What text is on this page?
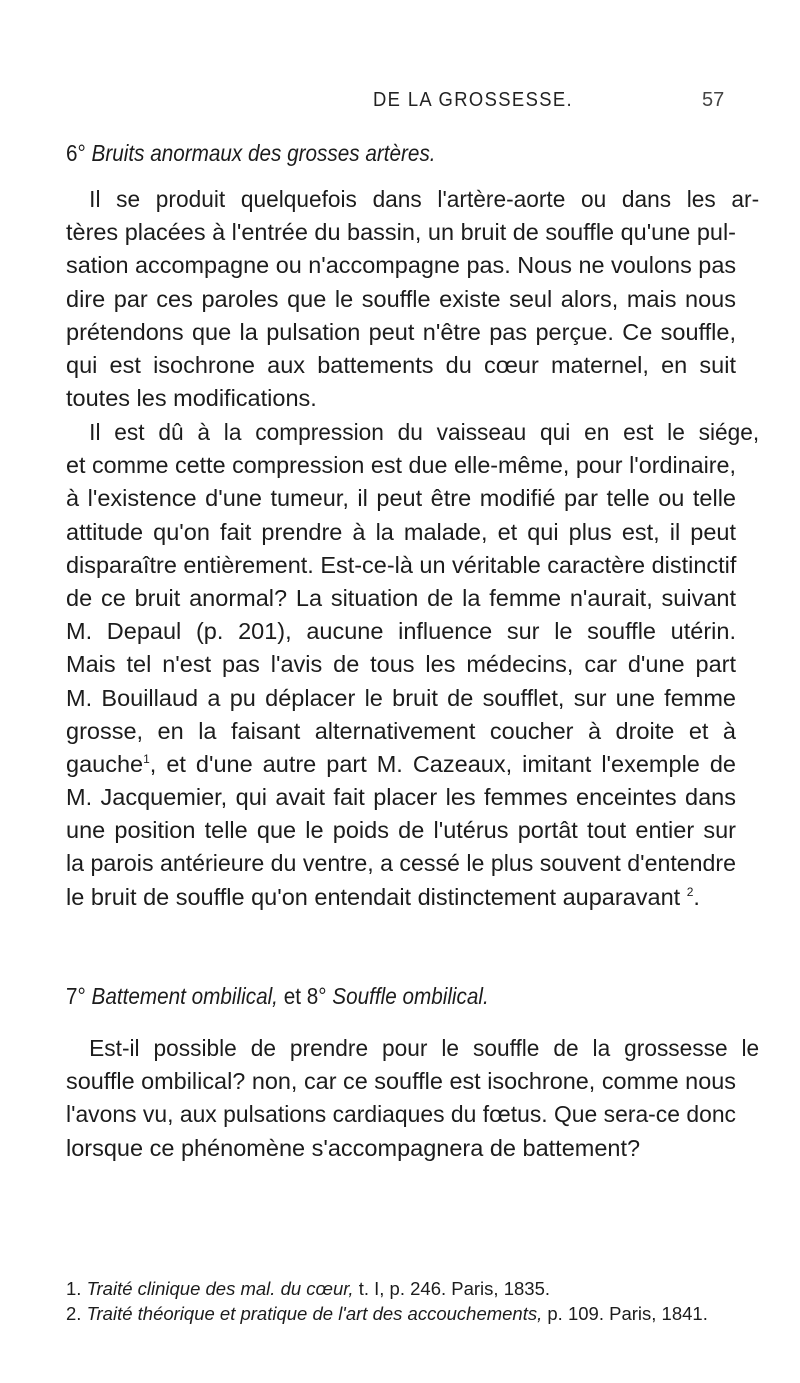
DE LA GROSSESSE.	57
6° Bruits anormaux des grosses artères.
Il se produit quelquefois dans l'artère-aorte ou dans les ar-
tères placées à l'entrée du bassin, un bruit de souffle qu'une pul-
sation accompagne ou n'accompagne pas. Nous ne voulons pas
dire par ces paroles que le souffle existe seul alors, mais nous
prétendons que la pulsation peut n'être pas perçue. Ce souffle,
qui est isochrone aux battements du cœur maternel, en suit
toutes les modifications.
Il est dû à la compression du vaisseau qui en est le siége,
et comme cette compression est due elle-même, pour l'ordinaire,
à l'existence d'une tumeur, il peut être modifié par telle ou telle
attitude qu'on fait prendre à la malade, et qui plus est, il peut
disparaître entièrement. Est-ce-là un véritable caractère distinctif
de ce bruit anormal? La situation de la femme n'aurait, suivant
M. Depaul (p. 201), aucune influence sur le souffle utérin.
Mais tel n'est pas l'avis de tous les médecins, car d'une part
M. Bouillaud a pu déplacer le bruit de soufflet, sur une femme
grosse, en la faisant alternativement coucher à droite et à
gauche$^1$, et d'une autre part M. Cazeaux, imitant l'exemple de
M. Jacquemier, qui avait fait placer les femmes enceintes dans
une position telle que le poids de l'utérus portât tout entier sur
la parois antérieure du ventre, a cessé le plus souvent d'entendre
le bruit de souffle qu'on entendait distinctement auparavant $^2$.
7° Battement ombilical, et 8° Souffle ombilical.
Est-il possible de prendre pour le souffle de la grossesse le
souffle ombilical? non, car ce souffle est isochrone, comme nous
l'avons vu, aux pulsations cardiaques du fœtus. Que sera-ce donc
lorsque ce phénomène s'accompagnera de battement?
1. Traité clinique des mal. du cœur, t. I, p. 246. Paris, 1835.
2. Traité théorique et pratique de l'art des accouchements, p. 109. Paris, 1841.
